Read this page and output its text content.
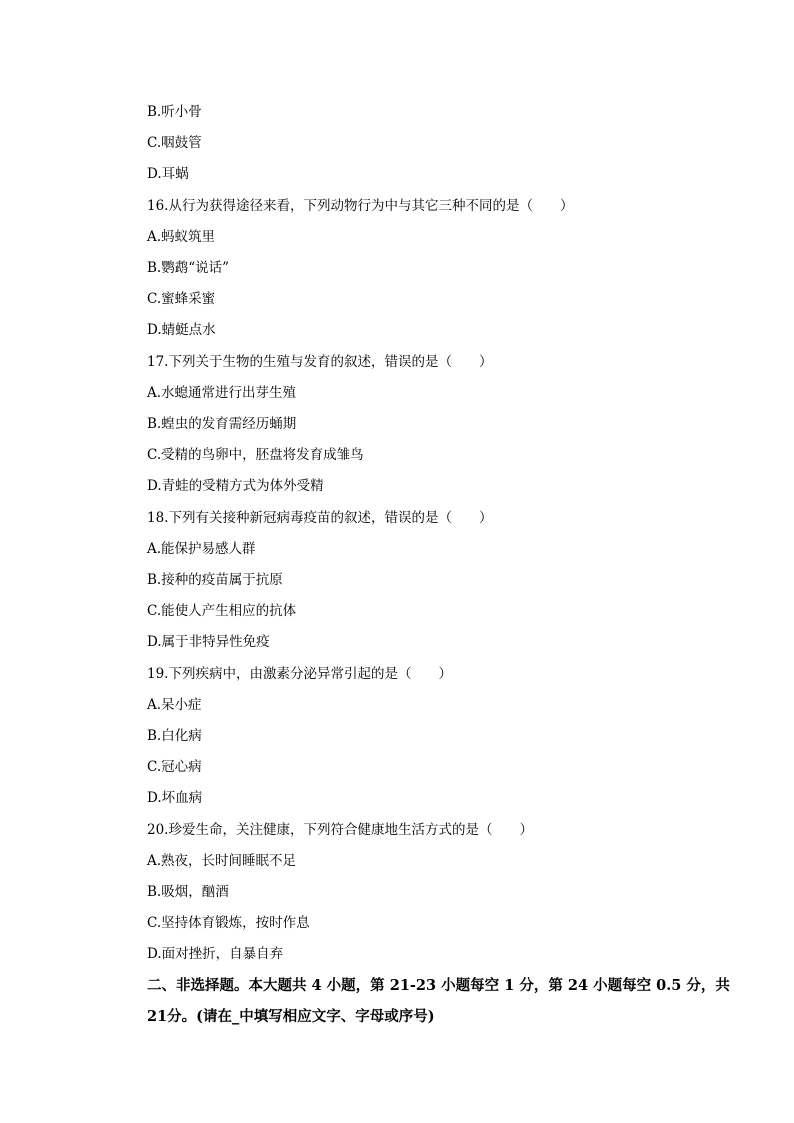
B.听小骨
C.咽鼓管
D.耳蜗
16.从行为获得途径来看，下列动物行为中与其它三种不同的是（　　）
A.蚂蚁筑里
B.鹦鹉“说话”
C.蜜蜂采蜜
D.蜻蜓点水
17.下列关于生物的生殖与发育的叙述，错误的是（　　）
A.水螅通常进行出芽生殖
B.蝗虫的发育需经历蛹期
C.受精的鸟卵中，胚盘将发育成雏鸟
D.青蛙的受精方式为体外受精
18.下列有关接种新冠病毒疫苗的叙述，错误的是（　　）
A.能保护易感人群
B.接种的疫苗属于抗原
C.能使人产生相应的抗体
D.属于非特异性免疫
19.下列疾病中，由激素分泌异常引起的是（　　）
A.呆小症
B.白化病
C.冠心病
D.坏血病
20.珍爱生命，关注健康，下列符合健康地生活方式的是（　　）
A.熟夜，长时间睡眠不足
B.吸烟，酗酒
C.坚持体育锻炼，按时作息
D.面对挫折，自暴自弃
二、非选择题。本大题共 4 小题，第 21-23 小题每空 1 分，第 24 小题每空 0.5 分，共
21分。(请在_中填写相应文字、字母或序号)
